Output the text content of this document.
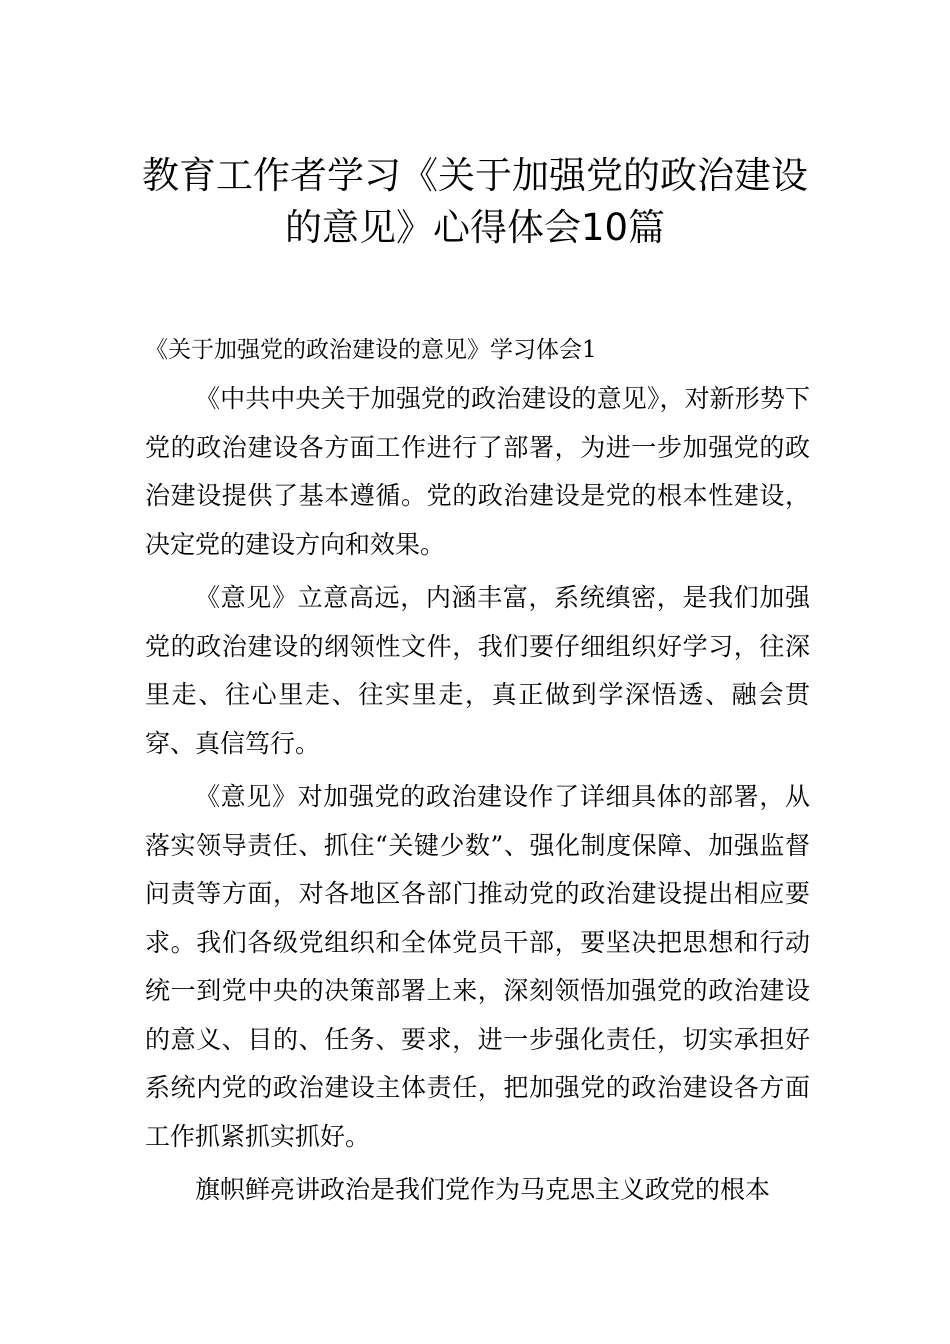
教育工作者学习《关于加强党的政治建设
的意见》心得体会10篇
《关于加强党的政治建设的意见》学习体会1

《中共中央关于加强党的政治建设的意见》，对新形势下党的政治建设各方面工作进行了部署，为进一步加强党的政治建设提供了基本遵循。党的政治建设是党的根本性建设，决定党的建设方向和效果。

《意见》立意高远，内涵丰富，系统缜密，是我们加强党的政治建设的纲领性文件，我们要仔细组织好学习，往深里走、往心里走、往实里走，真正做到学深悟透、融会贯穿、真信笃行。

《意见》对加强党的政治建设作了详细具体的部署，从落实领导责任、抓住“关键少数”、强化制度保障、加强监督问责等方面，对各地区各部门推动党的政治建设提出相应要求。我们各级党组织和全体党员干部，要坚决把思想和行动统一到党中央的决策部署上来，深刻领悟加强党的政治建设的意义、目的、任务、要求，进一步强化责任，切实承担好系统内党的政治建设主体责任，把加强党的政治建设各方面工作抓紧抓实抓好。

旗帜鲜亮讲政治是我们党作为马克思主义政党的根本
